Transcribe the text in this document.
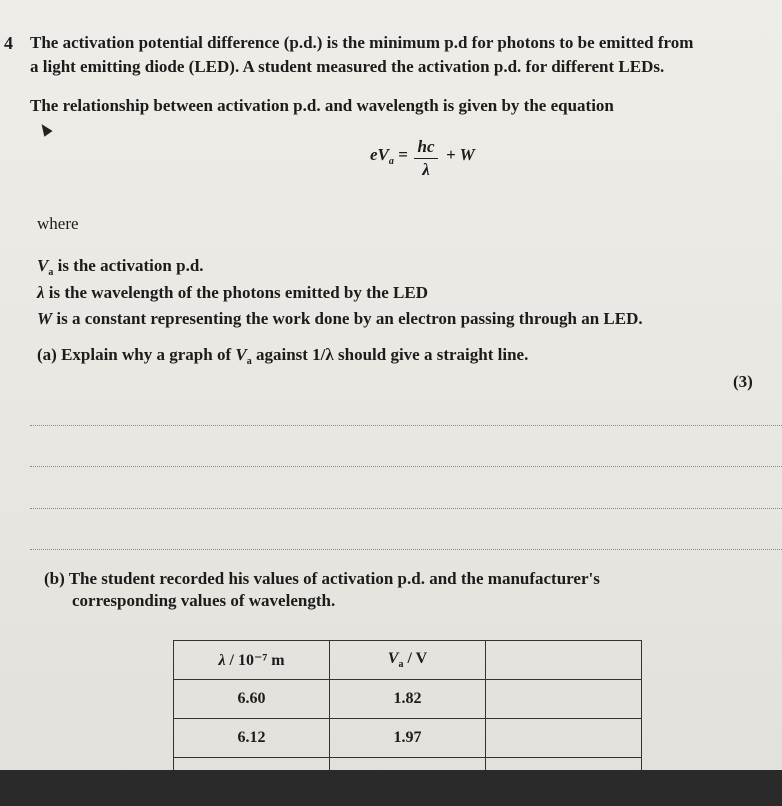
4 The activation potential difference (p.d.) is the minimum p.d for photons to be emitted from
a light emitting diode (LED). A student measured the activation p.d. for different LEDs.
The relationship between activation p.d. and wavelength is given by the equation
$eV_a$ = hc
λ
+ W
where
$V_a$ is the activation p.d.
λ is the wavelength of the photons emitted by the LED
W is a constant representing the work done by an electron passing through an LED.
(a) Explain why a graph of $V_a$ against 1/λ should give a straight line.
(3)
(b) The student recorded his values of activation p.d. and the manufacturer's
corresponding values of wavelength.
λ / 10⁻⁷ m	$V_a$ / V	
6.60	1.82	
6.12	1.97	
